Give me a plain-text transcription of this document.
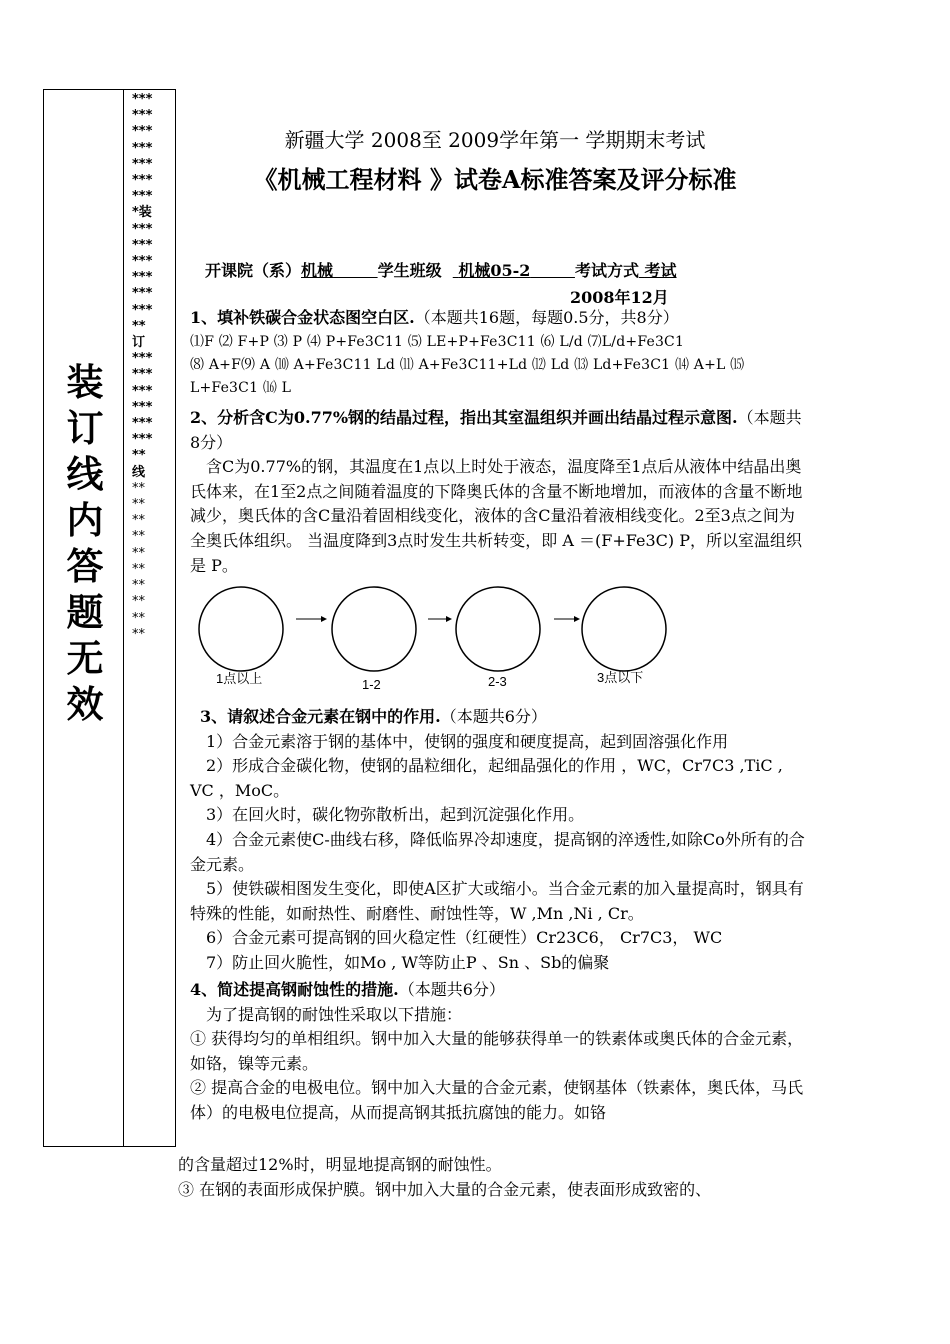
装
订
线
内
答
题
无
效
***
***
***
***
***
***
***
*装
***
***
***
***
***
***
**
订
***
***
***
***
***
***
**
线
**
**
**
**
**
**
**
**
**
**
新疆大学 2008至 2009学年第一 学期期末考试
《机械工程材料 》试卷A标准答案及评分标准
开课院（系）机械	学生班级 机械05-2	考试方式 考试
2008年12月

1、填补铁碳合金状态图空白区.（本题共16题，每题0.5分，共8分）

⑴F ⑵ F+P ⑶ P ⑷ P+Fe3C11 ⑸ LE+P+Fe3C11 ⑹ L/d ⑺L/d+Fe3C1

⑻ A+F⑼ A ⑽ A+Fe3C11 Ld ⑾ A+Fe3C11+Ld ⑿ Ld ⒀ Ld+Fe3C1 ⒁ A+L ⒂

L+Fe3C1 ⒃ L

2、分析含C为0.77%钢的结晶过程，指出其室温组织并画出结晶过程示意图.（本题共8分）

含C为0.77%的钢，其温度在1点以上时处于液态，温度降至1点后从液体中结晶出奥氏体来，在1至2点之间随着温度的下降奥氏体的含量不断地增加，而液体的含量不断地减少，奥氏体的含C量沿着固相线变化，液体的含C量沿着液相线变化。2至3点之间为全奥氏体组织。 当温度降到3点时发生共析转变，即 A ＝(F+Fe3C) P，所以室温组织是 P。

1点以上	1-2	2-3	3点以下

3、请叙述合金元素在钢中的作用.（本题共6分）

1）合金元素溶于钢的基体中，使钢的强度和硬度提高，起到固溶强化作用

2）形成合金碳化物，使钢的晶粒细化，起细晶强化的作用 ，WC，Cr7C3 ,TiC , VC ，MoC。

3）在回火时，碳化物弥散析出，起到沉淀强化作用。

4）合金元素使C-曲线右移，降低临界冷却速度，提高钢的淬透性,如除Co外所有的合金元素。

5）使铁碳相图发生变化，即使A区扩大或缩小。当合金元素的加入量提高时，钢具有特殊的性能，如耐热性、耐磨性、耐蚀性等，W ,Mn ,Ni , Cr。

6）合金元素可提高钢的回火稳定性（红硬性）Cr23C6， Cr7C3， WC

7）防止回火脆性，如Mo , W等防止P 、Sn 、Sb的偏聚

4、简述提高钢耐蚀性的措施.（本题共6分）

为了提高钢的耐蚀性采取以下措施：

① 获得均匀的单相组织。钢中加入大量的能够获得单一的铁素体或奥氏体的合金元素，如铬，镍等元素。

② 提高合金的电极电位。钢中加入大量的合金元素，使钢基体（铁素体，奥氏体，马氏体）的电极电位提高，从而提高钢其抵抗腐蚀的能力。如铬

的含量超过12%时，明显地提高钢的耐蚀性。

③ 在钢的表面形成保护膜。钢中加入大量的合金元素，使表面形成致密的、
